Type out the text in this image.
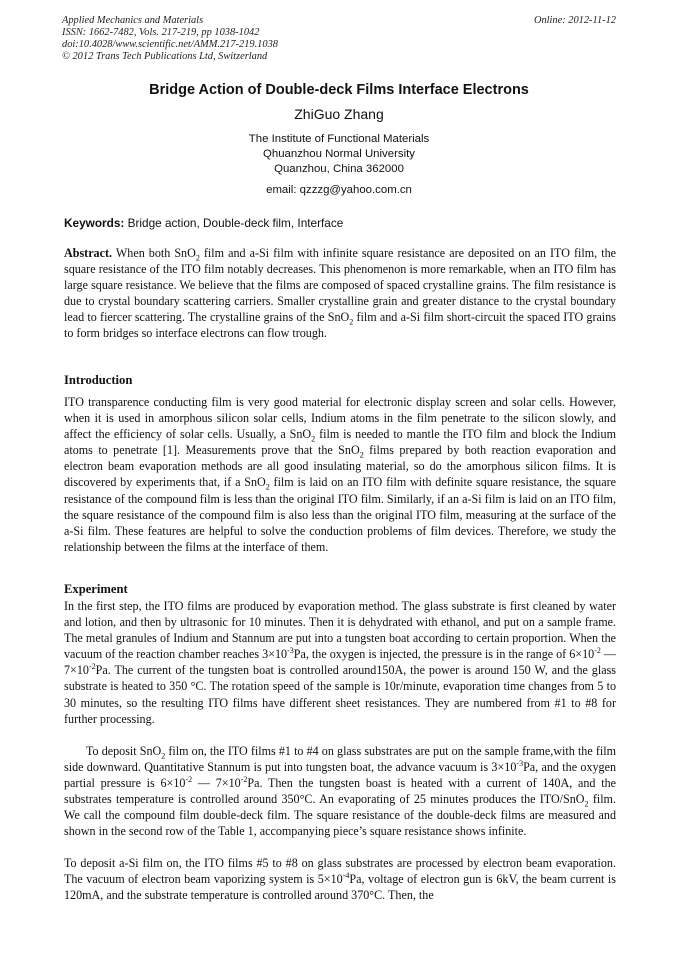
Applied Mechanics and Materials
ISSN: 1662-7482, Vols. 217-219, pp 1038-1042
doi:10.4028/www.scientific.net/AMM.217-219.1038
© 2012 Trans Tech Publications Ltd, Switzerland
Online: 2012-11-12
Bridge Action of Double-deck Films Interface Electrons
ZhiGuo Zhang
The Institute of Functional Materials
Qhuanzhou Normal University
Quanzhou, China 362000
email: qzzzg@yahoo.com.cn
Keywords: Bridge action, Double-deck film, Interface
Abstract. When both SnO$_2$ film and a-Si film with infinite square resistance are deposited on an ITO film, the square resistance of the ITO film notably decreases. This phenomenon is more remarkable, when an ITO film has large square resistance. We believe that the films are composed of spaced crystalline grains. The film resistance is due to crystal boundary scattering carriers. Smaller crystalline grain and greater distance to the crystal boundary lead to fiercer scattering. The crystalline grains of the SnO$_2$ film and a-Si film short-circuit the spaced ITO grains to form bridges so interface electrons can flow trough.
Introduction
ITO transparence conducting film is very good material for electronic display screen and solar cells. However, when it is used in amorphous silicon solar cells, Indium atoms in the film penetrate to the silicon slowly, and affect the efficiency of solar cells. Usually, a SnO$_2$ film is needed to mantle the ITO film and block the Indium atoms to penetrate [1]. Measurements prove that the SnO$_2$ films prepared by both reaction evaporation and electron beam evaporation methods are all good insulating material, so do the amorphous silicon films. It is discovered by experiments that, if a SnO$_2$ film is laid on an ITO film with definite square resistance, the square resistance of the compound film is less than the original ITO film. Similarly, if an a-Si film is laid on an ITO film, the square resistance of the compound film is also less than the original ITO film, measuring at the surface of the a-Si film. These features are helpful to solve the conduction problems of film devices. Therefore, we study the relationship between the films at the interface of them.
Experiment
In the first step, the ITO films are produced by evaporation method. The glass substrate is first cleaned by water and lotion, and then by ultrasonic for 10 minutes. Then it is dehydrated with ethanol, and put on a sample frame. The metal granules of Indium and Stannum are put into a tungsten boat according to certain proportion. When the vacuum of the reaction chamber reaches $3\times 10^{-3}Pa$, the oxygen is injected, the pressure is in the range of $6\times 10^{-2}$ — $7\times 10^{-2}Pa$. The current of the tungsten boat is controlled around150A, the power is around 150 W, and the glass substrate is heated to 350 °C. The rotation speed of the sample is 10r/minute, evaporation time changes from 5 to 30 minutes, so the resulting ITO films have different sheet resistances. They are numbered from #1 to #8 for further processing.
To deposit SnO$_2$ film on, the ITO films #1 to #4 on glass substrates are put on the sample frame,with the film side downward. Quantitative Stannum is put into tungsten boat, the advance vacuum is $3\times 10^{-3}Pa$, and the oxygen partial pressure is $6\times 10^{-2}$ — $7\times 10^{-2}Pa$. Then the tungsten boast is heated with a current of 140A, and the substrates temperature is controlled around 350°C. An evaporating of 25 minutes produces the ITO/SnO$_2$ film. We call the compound film double-deck film. The square resistance of the double-deck films are measured and shown in the second row of the Table 1, accompanying piece’s square resistance shows infinite.
To deposit a-Si film on, the ITO films #5 to #8 on glass substrates are processed by electron beam evaporation. The vacuum of electron beam vaporizing system is $5\times 10^{-4}Pa$, voltage of electron gun is 6kV, the beam current is 120mA, and the substrate temperature is controlled around 370°C. Then, the
